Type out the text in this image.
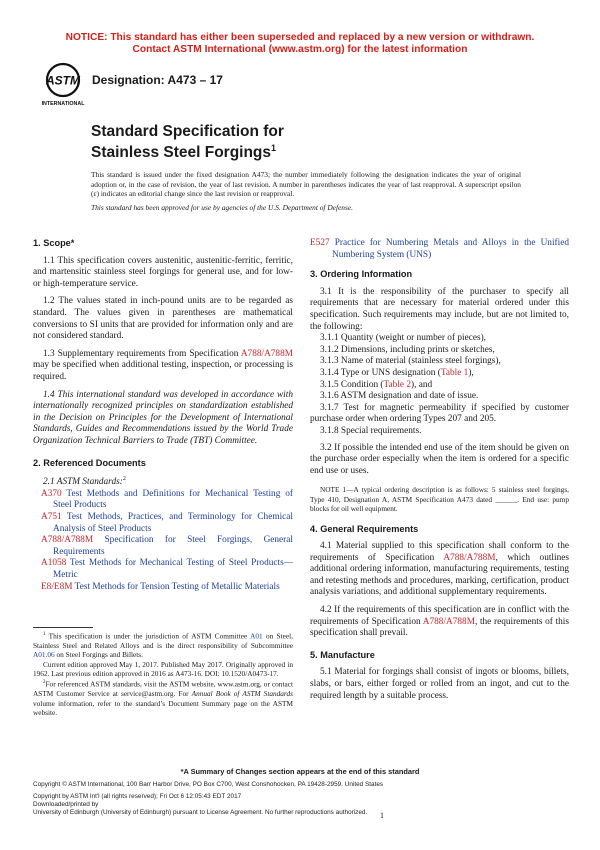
NOTICE: This standard has either been superseded and replaced by a new version or withdrawn.
Contact ASTM International (www.astm.org) for the latest information
ASTM
INTERNATIONAL
Designation: A473 – 17
Standard Specification for
Stainless Steel Forgings$^1$
This standard is issued under the fixed designation A473; the number immediately following the designation indicates the year of original adoption or, in the case of revision, the year of last revision. A number in parentheses indicates the year of last reapproval. A superscript epsilon (ε) indicates an editorial change since the last revision or reapproval.
This standard has been approved for use by agencies of the U.S. Department of Defense.
1. Scope*
1.1 This specification covers austenitic, austenitic-ferritic, ferritic, and martensitic stainless steel forgings for general use, and for low- or high-temperature service.
1.2 The values stated in inch-pound units are to be regarded as standard. The values given in parentheses are mathematical conversions to SI units that are provided for information only and are not considered standard.
1.3 Supplementary requirements from Specification A788/A788M may be specified when additional testing, inspection, or processing is required.
1.4 This international standard was developed in accordance with internationally recognized principles on standardization established in the Decision on Principles for the Development of International Standards, Guides and Recommendations issued by the World Trade Organization Technical Barriers to Trade (TBT) Committee.
2. Referenced Documents
2.1 ASTM Standards:$^2$
A370 Test Methods and Definitions for Mechanical Testing of Steel Products
A751 Test Methods, Practices, and Terminology for Chemical Analysis of Steel Products
A788/A788M Specification for Steel Forgings, General Requirements
A1058 Test Methods for Mechanical Testing of Steel Products—Metric
E8/E8M Test Methods for Tension Testing of Metallic Materials
$^1$ This specification is under the jurisdiction of ASTM Committee A01 on Steel, Stainless Steel and Related Alloys and is the direct responsibility of Subcommittee A01.06 on Steel Forgings and Billets.
Current edition approved May 1, 2017. Published May 2017. Originally approved in 1962. Last previous edition approved in 2016 as A473-16. DOI: 10.1520/A0473-17.
$^2$For referenced ASTM standards, visit the ASTM website, www.astm.org, or contact ASTM Customer Service at service@astm.org. For Annual Book of ASTM Standards volume information, refer to the standard’s Document Summary page on the ASTM website.
E527 Practice for Numbering Metals and Alloys in the Unified Numbering System (UNS)
3. Ordering Information
3.1 It is the responsibility of the purchaser to specify all requirements that are necessary for material ordered under this specification. Such requirements may include, but are not limited to, the following:
3.1.1 Quantity (weight or number of pieces),
3.1.2 Dimensions, including prints or sketches,
3.1.3 Name of material (stainless steel forgings),
3.1.4 Type or UNS designation (Table 1),
3.1.5 Condition (Table 2), and
3.1.6 ASTM designation and date of issue.
3.1.7 Test for magnetic permeability if specified by customer purchase order when ordering Types 207 and 205.
3.1.8 Special requirements.
3.2 If possible the intended end use of the item should be given on the purchase order especially when the item is ordered for a specific end use or uses.
NOTE 1—A typical ordering description is as follows: 5 stainless steel forgings, Type 410, Designation A, ASTM Specification A473 dated ______. End use: pump blocks for oil well equipment.
4. General Requirements
4.1 Material supplied to this specification shall conform to the requirements of Specification A788/A788M, which outlines additional ordering information, manufacturing requirements, testing and retesting methods and procedures, marking, certification, product analysis variations, and additional supplementary requirements.
4.2 If the requirements of this specification are in conflict with the requirements of Specification A788/A788M, the requirements of this specification shall prevail.
5. Manufacture
5.1 Material for forgings shall consist of ingots or blooms, billets, slabs, or bars, either forged or rolled from an ingot, and cut to the required length by a suitable process.
*A Summary of Changes section appears at the end of this standard
Copyright © ASTM International, 100 Barr Harbor Drive, PO Box C700, West Conshohocken, PA 19428-2959. United States
Copyright by ASTM Int'l (all rights reserved); Fri Oct 6 12:05:43 EDT 2017
Downloaded/printed by
University of Edinburgh (University of Edinburgh) pursuant to License Agreement. No further reproductions authorized. 1
